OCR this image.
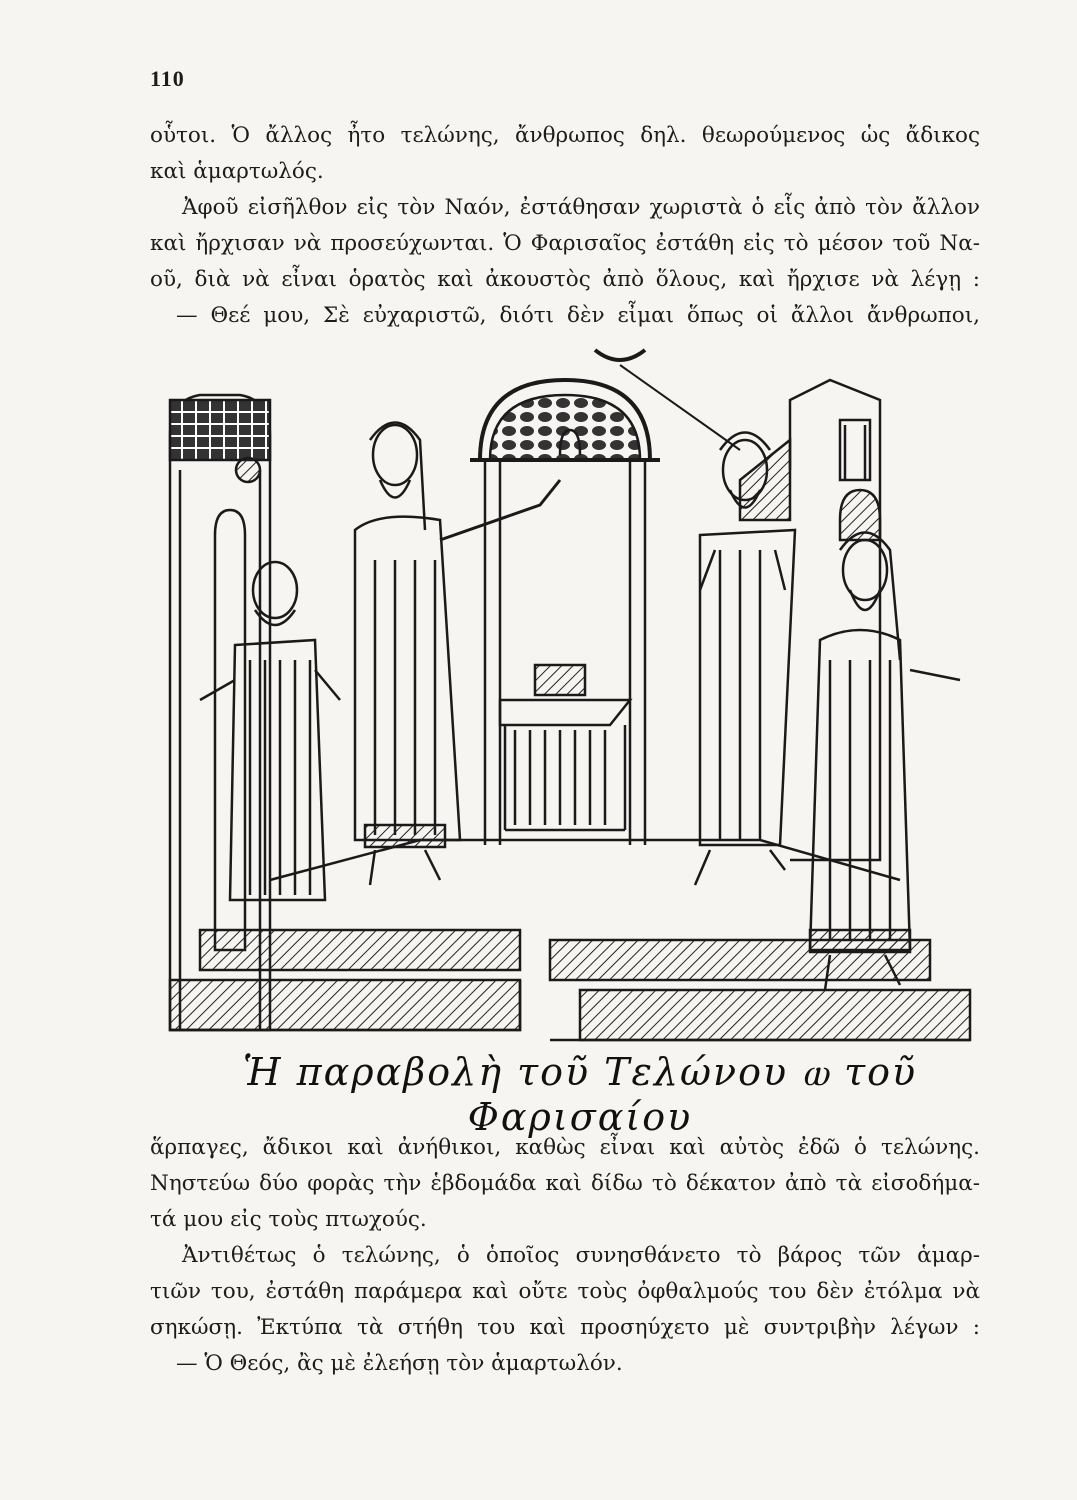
110
οὗτοι. Ὁ ἄλλος ἦτο τελώνης, ἄνθρωπος δηλ. θεωρούμενος ὡς ἄδικος
καὶ ἁμαρτωλός.
Ἀφοῦ εἰσῆλθον εἰς τὸν Ναόν, ἐστάθησαν χωριστὰ ὁ εἷς ἀπὸ τὸν ἄλλον
καὶ ἤρχισαν νὰ προσεύχωνται. Ὁ Φαρισαῖος ἐστάθη εἰς τὸ μέσον τοῦ Να-
οῦ, διὰ νὰ εἶναι ὁρατὸς καὶ ἀκουστὸς ἀπὸ ὅλους, καὶ ἤρχισε νὰ λέγῃ :
— Θεέ μου, Σὲ εὐχαριστῶ, διότι δὲν εἶμαι ὅπως οἱ ἄλλοι ἄνθρωποι,
Ἡ παραβολὴ τοῦ Τελώνου ⲱ τοῦ Φαρισαίου
ἅρπαγες, ἄδικοι καὶ ἀνήθικοι, καθὼς εἶναι καὶ αὐτὸς ἐδῶ ὁ τελώνης.
Νηστεύω δύο φορὰς τὴν ἑβδομάδα καὶ δίδω τὸ δέκατον ἀπὸ τὰ εἰσοδήμα-
τά μου εἰς τοὺς πτωχούς.
Ἀντιθέτως ὁ τελώνης, ὁ ὁποῖος συνησθάνετο τὸ βάρος τῶν ἁμαρ-
τιῶν του, ἐστάθη παράμερα καὶ οὔτε τοὺς ὀφθαλμούς του δὲν ἐτόλμα νὰ
σηκώσῃ. Ἐκτύπα τὰ στήθη του καὶ προσηύχετο μὲ συντριβὴν λέγων :
— Ὁ Θεός, ἂς μὲ ἐλεήσῃ τὸν ἁμαρτωλόν.
